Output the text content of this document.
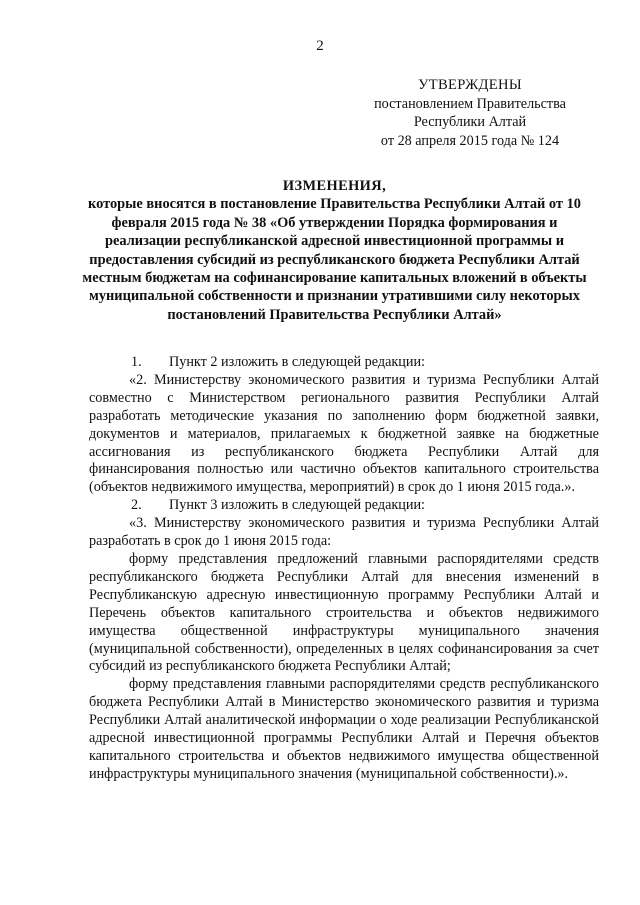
2
УТВЕРЖДЕНЫ
постановлением Правительства
Республики Алтай
от 28 апреля 2015 года № 124
ИЗМЕНЕНИЯ,
которые вносятся в постановление Правительства Республики Алтай от 10 февраля 2015 года № 38 «Об утверждении Порядка формирования и реализации республиканской адресной инвестиционной программы и предоставления субсидий из республиканского бюджета Республики Алтай местным бюджетам на софинансирование капитальных вложений в объекты муниципальной собственности и признании утратившими силу некоторых постановлений Правительства Республики Алтай»

1. Пункт 2 изложить в следующей редакции:

«2. Министерству экономического развития и туризма Республики Алтай совместно с Министерством регионального развития Республики Алтай разработать методические указания по заполнению форм бюджетной заявки, документов и материалов, прилагаемых к бюджетной заявке на бюджетные ассигнования из республиканского бюджета Республики Алтай для финансирования полностью или частично объектов капитального строительства (объектов недвижимого имущества, мероприятий) в срок до 1 июня 2015 года.».

2. Пункт 3 изложить в следующей редакции:

«3. Министерству экономического развития и туризма Республики Алтай разработать в срок до 1 июня 2015 года:

форму представления предложений главными распорядителями средств республиканского бюджета Республики Алтай для внесения изменений в Республиканскую адресную инвестиционную программу Республики Алтай и Перечень объектов капитального строительства и объектов недвижимого имущества общественной инфраструктуры муниципального значения (муниципальной собственности), определенных в целях софинансирования за счет субсидий из республиканского бюджета Республики Алтай;

форму представления главными распорядителями средств республиканского бюджета Республики Алтай в Министерство экономического развития и туризма Республики Алтай аналитической информации о ходе реализации Республиканской адресной инвестиционной программы Республики Алтай и Перечня объектов капитального строительства и объектов недвижимого имущества общественной инфраструктуры муниципального значения (муниципальной собственности).».
